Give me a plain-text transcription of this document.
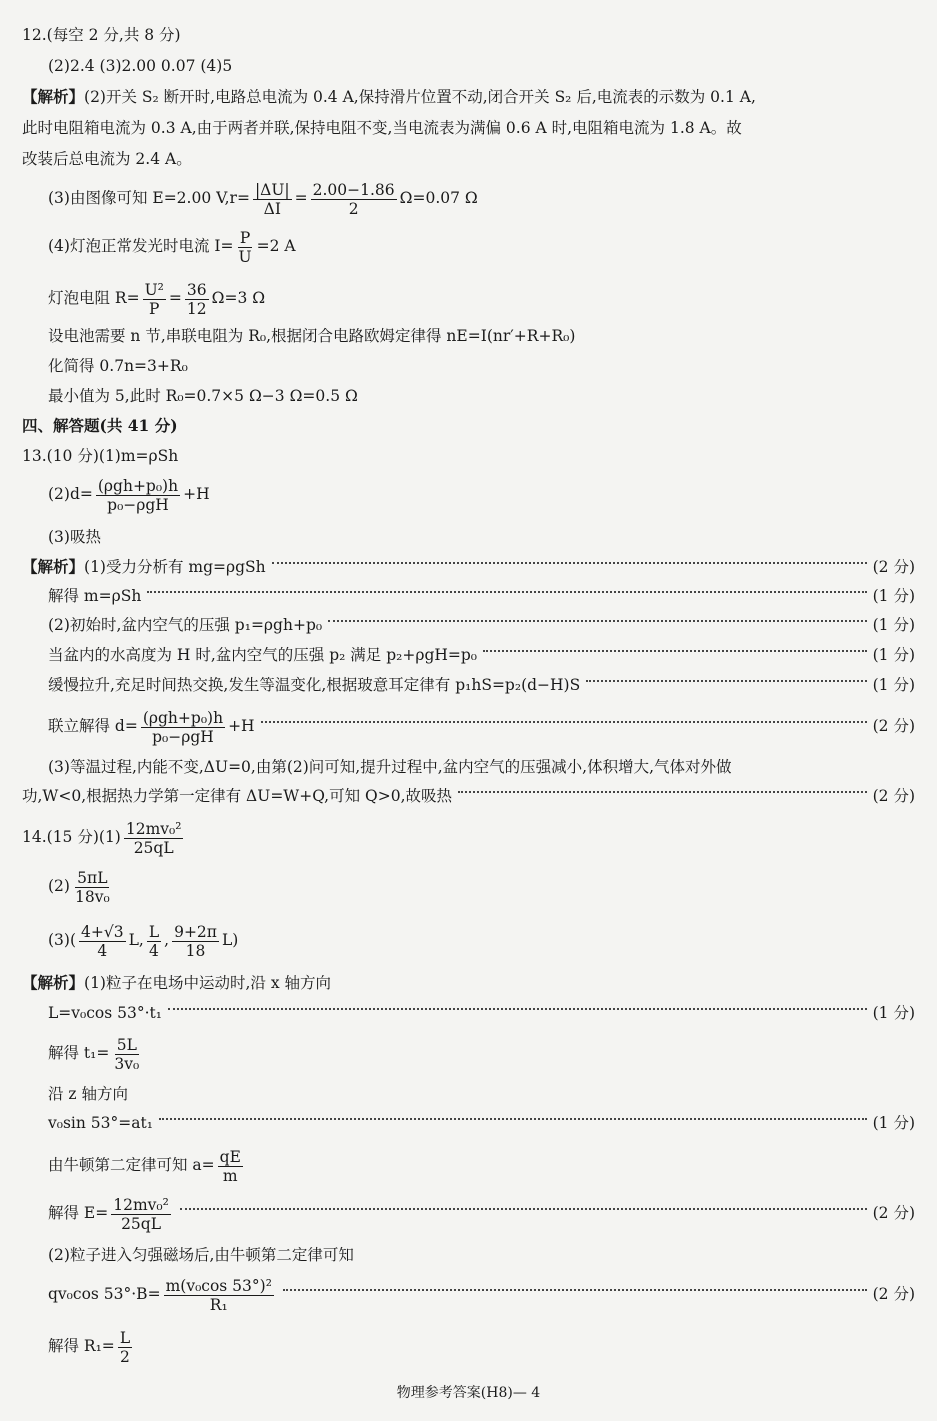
12.(每空 2 分,共 8 分)
(2)2.4 (3)2.00 0.07 (4)5
【解析】(2)开关 S₂ 断开时,电路总电流为 0.4 A,保持滑片位置不动,闭合开关 S₂ 后,电流表的示数为 0.1 A,
此时电阻箱电流为 0.3 A,由于两者并联,保持电阻不变,当电流表为满偏 0.6 A 时,电阻箱电流为 1.8 A。故
改装后总电流为 2.4 A。
(3)由图像可知 E=2.00 $V,r= \frac{|\Delta U|}{\Delta I} = \frac{2.00-1.86}{2} \Omega=0.07$ Ω
(4)灯泡正常发光时电流 $I= \frac{P}{U} =2$ A
灯泡电阻 $R= \frac{\text{U²}}{P} = \frac{36}{12} \Omega=3$ Ω
设电池需要 n 节,串联电阻为 R₀,根据闭合电路欧姆定律得 nE=I(nr′+R+R₀)
化简得 0.7n=3+R₀
最小值为 5,此时 R₀=0.7×5 Ω−3 Ω=0.5 Ω
四、解答题(共 41 分)
13.(10 分)(1)m=ρSh
$(2)d= \frac{\text{(ρgh+p₀)h}}{\text{p₀−ρgH}} +H$
(3)吸热
【解析】(1)受力分析有 mg=ρgSh	(2 分)
解得 m=ρSh	(1 分)
(2)初始时,盆内空气的压强 p₁=ρgh+p₀	(1 分)
当盆内的水高度为 H 时,盆内空气的压强 p₂ 满足 p₂+ρgH=p₀	(1 分)
缓慢拉升,充足时间热交换,发生等温变化,根据玻意耳定律有 p₁hS=p₂(d−H)S	(1 分)
联立解得 $d= \frac{\text{(ρgh+p₀)h}}{\text{p₀−ρgH}} +H$	(2 分)
(3)等温过程,内能不变,ΔU=0,由第(2)问可知,提升过程中,盆内空气的压强减小,体积增大,气体对外做
功,W<0,根据热力学第一定律有 ΔU=W+Q,可知 Q>0,故吸热	(2 分)
14.(15 分)$(1) \frac{\text{12mv₀²}}{25qL}$
$(2) \frac{5\pi L}{\text{18v₀}}$
$(3)( \frac{4+√3}{4} L$, $\frac{L}{4}$ , $\frac{9+2\pi}{18} L$)
【解析】(1)粒子在电场中运动时,沿 x 轴方向
L=v₀cos 53°·t₁	(1 分)
解得 $t_1= \frac{5L}{\text{3v₀}}$
沿 z 轴方向
v₀sin 53°=at₁	(1 分)
由牛顿第二定律可知 $a= \frac{qE}{m}$
解得 $E= \frac{\text{12mv₀²}}{25qL}$	(2 分)
(2)粒子进入匀强磁场后,由牛顿第二定律可知
qv₀cos $53^\circ\cdot B= \frac{\text{m(v₀cos 53°)²}}{\text{R₁}}$	(2 分)
解得 $R_1= \frac{L}{2}$
物理参考答案(H8)— 4
